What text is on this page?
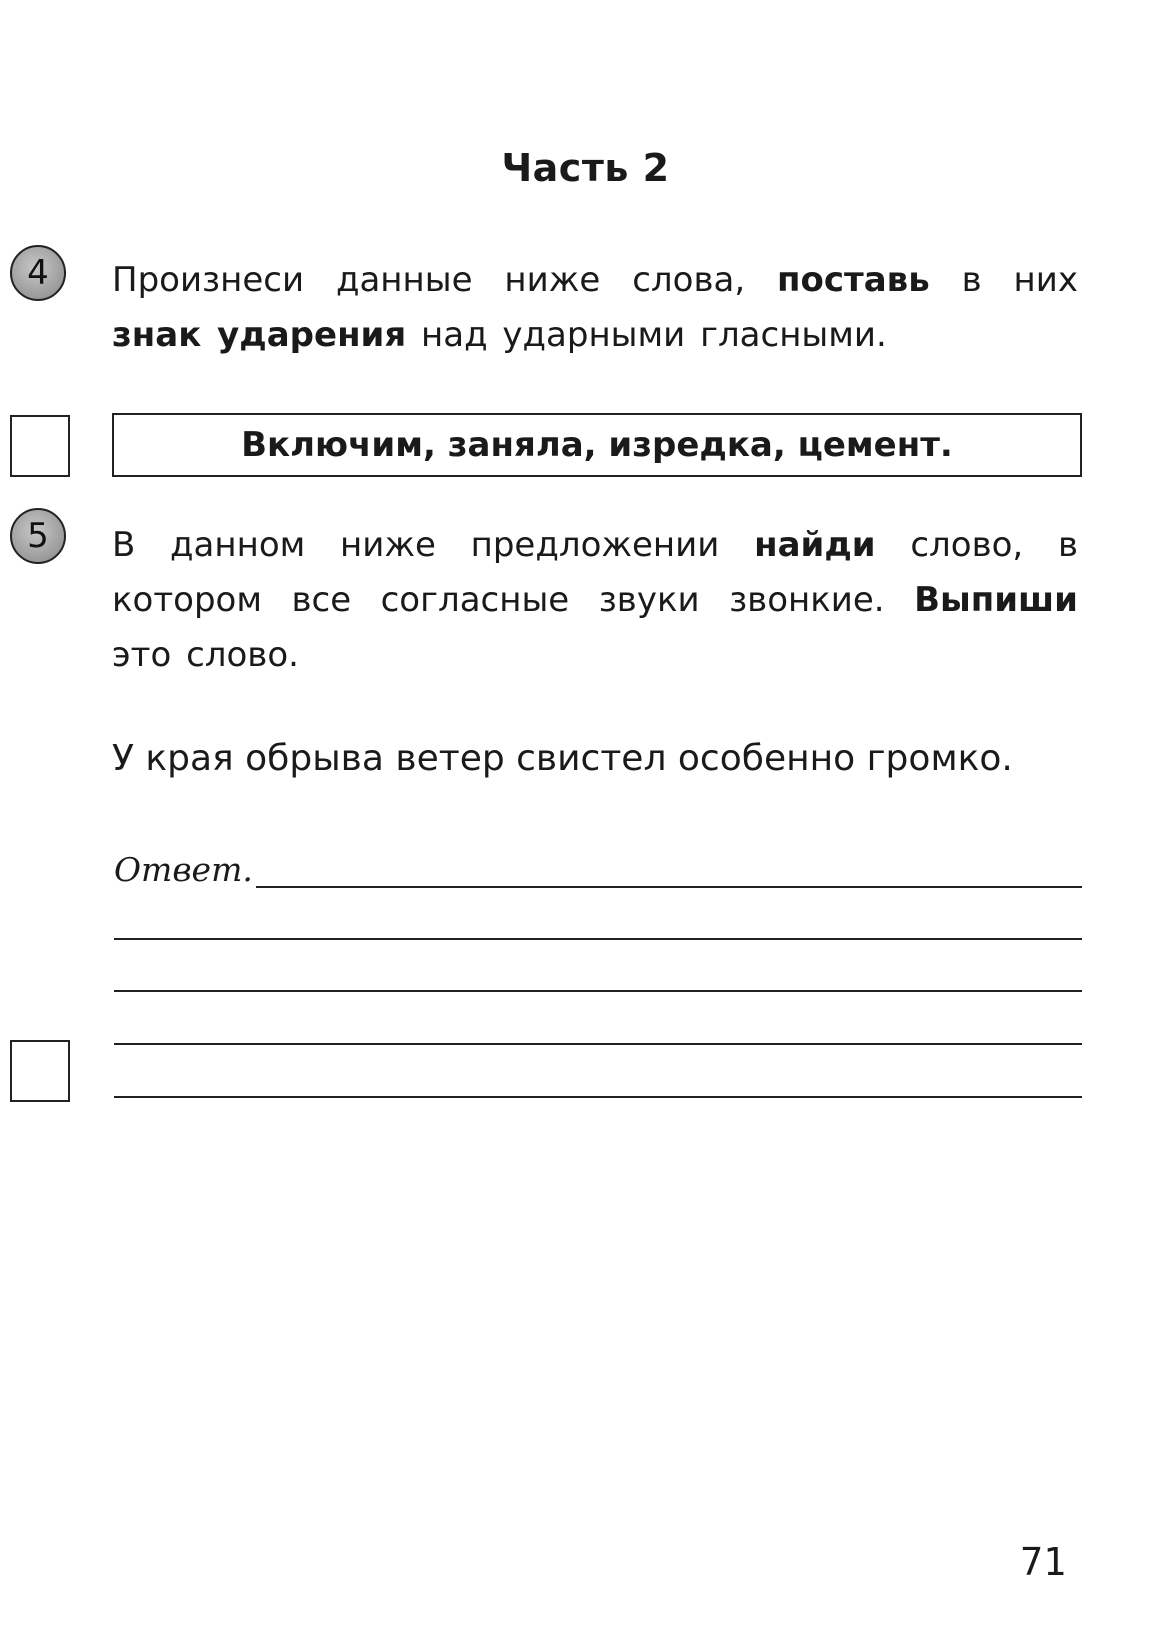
Часть 2
4	Произнеси данные ниже слова, поставь в них знак ударения над ударными гласными.
Включим, заняла, изредка, цемент.
5	В данном ниже предложении найди слово, в котором все согласные звуки звонкие. Выпиши это слово.
У края обрыва ветер свистел особенно громко.
Ответ.
71
